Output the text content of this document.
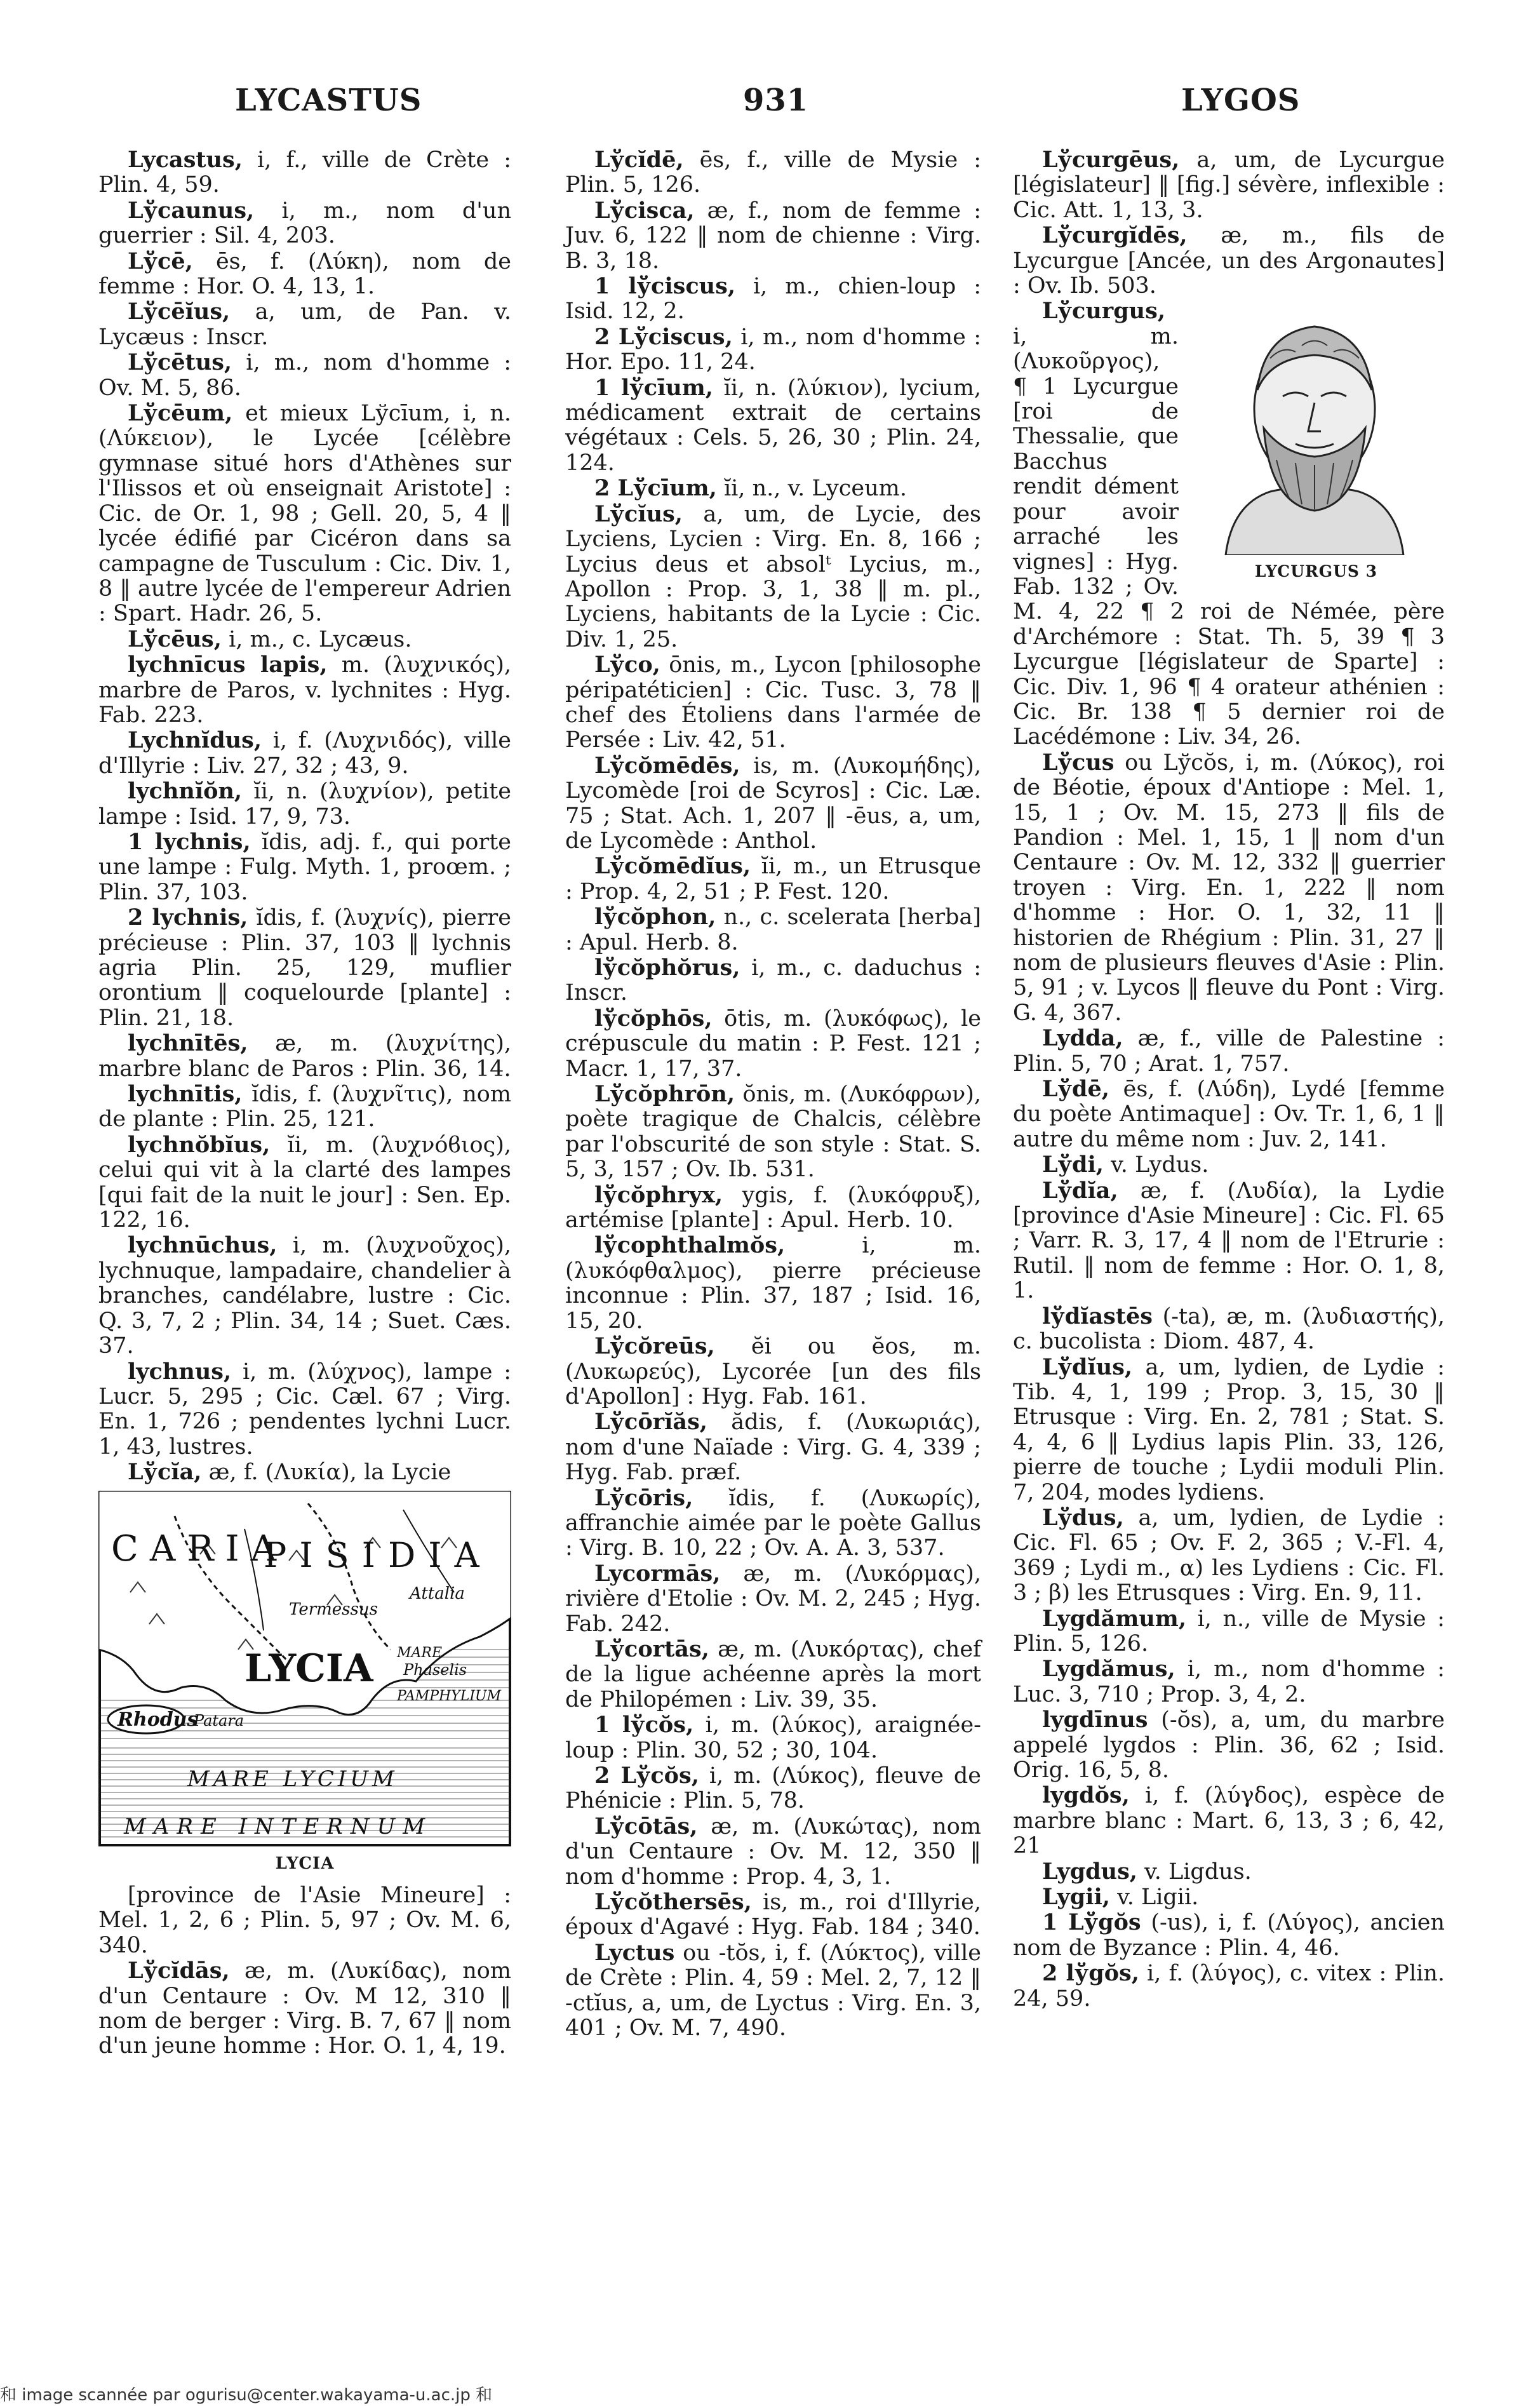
LYCASTUS	931	LYGOS

Lycastus, i, f., ville de Crète : Plin. 4, 59.

Lўcaunus, i, m., nom d'un guerrier : Sil. 4, 203.

Lўcē, ēs, f. (Λύκη), nom de femme : Hor. O. 4, 13, 1.

Lўcēĭus, a, um, de Pan. v. Lycæus : Inscr.

Lўcētus, i, m., nom d'homme : Ov. M. 5, 86.

Lўcēum, et mieux Lўcīum, i, n. (Λύκειον), le Lycée [célèbre gymnase situé hors d'Athènes sur l'Ilissos et où enseignait Aristote] : Cic. de Or. 1, 98 ; Gell. 20, 5, 4 ‖ lycée édifié par Cicéron dans sa campagne de Tusculum : Cic. Div. 1, 8 ‖ autre lycée de l'empereur Adrien : Spart. Hadr. 26, 5.

Lўcēus, i, m., c. Lycæus.

lychnīcus lapis, m. (λυχνικός), marbre de Paros, v. lychnites : Hyg. Fab. 223.

Lychnĭdus, i, f. (Λυχνιδός), ville d'Illyrie : Liv. 27, 32 ; 43, 9.

lychnĭŏn, ĭi, n. (λυχνίον), petite lampe : Isid. 17, 9, 73.

1 lychnis, ĭdis, adj. f., qui porte une lampe : Fulg. Myth. 1, proœm. ; Plin. 37, 103.

2 lychnis, ĭdis, f. (λυχνίς), pierre précieuse : Plin. 37, 103 ‖ lychnis agria Plin. 25, 129, muflier orontium ‖ coquelourde [plante] : Plin. 21, 18.

lychnītēs, æ, m. (λυχνίτης), marbre blanc de Paros : Plin. 36, 14.

lychnītis, ĭdis, f. (λυχνῖτις), nom de plante : Plin. 25, 121.

lychnŏbĭus, ĭi, m. (λυχνόϐιος), celui qui vit à la clarté des lampes [qui fait de la nuit le jour] : Sen. Ep. 122, 16.

lychnūchus, i, m. (λυχνοῦχος), lychnuque, lampadaire, chandelier à branches, candélabre, lustre : Cic. Q. 3, 7, 2 ; Plin. 34, 14 ; Suet. Cæs. 37.

lychnus, i, m. (λύχνος), lampe : Lucr. 5, 295 ; Cic. Cæl. 67 ; Virg. En. 1, 726 ; pendentes lychni Lucr. 1, 43, lustres.

Lўcĭa, æ, f. (Λυκία), la Lycie

CARIA
PISIDIA
LYCIA
MARE LYCIUM
MARE INTERNUM
Termessus
Attalia
Rhodus
Patara
Phaselis
PAMPHYLIUM
MARE
LYCIA

[province de l'Asie Mineure] : Mel. 1, 2, 6 ; Plin. 5, 97 ; Ov. M. 6, 340.

Lўcĭdās, æ, m. (Λυκίδας), nom d'un Centaure : Ov. M 12, 310 ‖ nom de berger : Virg. B. 7, 67 ‖ nom d'un jeune homme : Hor. O. 1, 4, 19.

Lўcĭdē, ēs, f., ville de Mysie : Plin. 5, 126.

Lўcisca, æ, f., nom de femme : Juv. 6, 122 ‖ nom de chienne : Virg. B. 3, 18.

1 lўciscus, i, m., chien-loup : Isid. 12, 2.

2 Lўciscus, i, m., nom d'homme : Hor. Epo. 11, 24.

1 lўcīum, ĭi, n. (λύκιον), lycium, médicament extrait de certains végétaux : Cels. 5, 26, 30 ; Plin. 24, 124.

2 Lўcīum, ĭi, n., v. Lyceum.

Lўcĭus, a, um, de Lycie, des Lyciens, Lycien : Virg. En. 8, 166 ; Lycius deus et absolᵗ Lycius, m., Apollon : Prop. 3, 1, 38 ‖ m. pl., Lyciens, habitants de la Lycie : Cic. Div. 1, 25.

Lўco, ōnis, m., Lycon [philosophe péripatéticien] : Cic. Tusc. 3, 78 ‖ chef des Étoliens dans l'armée de Persée : Liv. 42, 51.

Lўcŏmēdēs, is, m. (Λυκομήδης), Lycomède [roi de Scyros] : Cic. Læ. 75 ; Stat. Ach. 1, 207 ‖ -ēus, a, um, de Lycomède : Anthol.

Lўcŏmēdĭus, ĭi, m., un Etrusque : Prop. 4, 2, 51 ; P. Fest. 120.

lўcŏphon, n., c. scelerata [herba] : Apul. Herb. 8.

lўcŏphŏrus, i, m., c. daduchus : Inscr.

lўcŏphōs, ōtis, m. (λυκόφως), le crépuscule du matin : P. Fest. 121 ; Macr. 1, 17, 37.

Lўcŏphrōn, ŏnis, m. (Λυκόφρων), poète tragique de Chalcis, célèbre par l'obscurité de son style : Stat. S. 5, 3, 157 ; Ov. Ib. 531.

lўcŏphryx, ygis, f. (λυκόφρυξ), artémise [plante] : Apul. Herb. 10.

lўcophthalmŏs, i, m. (λυκόφθαλμος), pierre précieuse inconnue : Plin. 37, 187 ; Isid. 16, 15, 20.

Lўcŏreūs, ĕi ou ĕos, m. (Λυκωρεύς), Lycorée [un des fils d'Apollon] : Hyg. Fab. 161.

Lўcōrĭăs, ădis, f. (Λυκωριάς), nom d'une Naïade : Virg. G. 4, 339 ; Hyg. Fab. præf.

Lўcōris, ĭdis, f. (Λυκωρίς), affranchie aimée par le poète Gallus : Virg. B. 10, 22 ; Ov. A. A. 3, 537.

Lycormās, æ, m. (Λυκόρμας), rivière d'Etolie : Ov. M. 2, 245 ; Hyg. Fab. 242.

Lўcortās, æ, m. (Λυκόρτας), chef de la ligue achéenne après la mort de Philopémen : Liv. 39, 35.

1 lўcŏs, i, m. (λύκος), araignée-loup : Plin. 30, 52 ; 30, 104.

2 Lўcŏs, i, m. (Λύκος), fleuve de Phénicie : Plin. 5, 78.

Lўcōtās, æ, m. (Λυκώτας), nom d'un Centaure : Ov. M. 12, 350 ‖ nom d'homme : Prop. 4, 3, 1.

Lўcŏthersēs, is, m., roi d'Illyrie, époux d'Agavé : Hyg. Fab. 184 ; 340.

Lyctus ou -tŏs, i, f. (Λύκτος), ville de Crète : Plin. 4, 59 : Mel. 2, 7, 12 ‖ -ctĭus, a, um, de Lyctus : Virg. En. 3, 401 ; Ov. M. 7, 490.

Lўcurgēus, a, um, de Lycurgue [législateur] ‖ [fig.] sévère, inflexible : Cic. Att. 1, 13, 3.

Lўcurgĭdēs, æ, m., fils de Lycurgue [Ancée, un des Argonautes] : Ov. Ib. 503.

LYCURGUS 3

Lўcurgus, i, m. (Λυκοῦργος), ¶ 1 Lycurgue [roi de Thessalie, que Bacchus rendit dément pour avoir arraché les vignes] : Hyg. Fab. 132 ; Ov. M. 4, 22 ¶ 2 roi de Némée, père d'Archémore : Stat. Th. 5, 39 ¶ 3 Lycurgue [législateur de Sparte] : Cic. Div. 1, 96 ¶ 4 orateur athénien : Cic. Br. 138 ¶ 5 dernier roi de Lacédémone : Liv. 34, 26.

Lўcus ou Lўcŏs, i, m. (Λύκος), roi de Béotie, époux d'Antiope : Mel. 1, 15, 1 ; Ov. M. 15, 273 ‖ fils de Pandion : Mel. 1, 15, 1 ‖ nom d'un Centaure : Ov. M. 12, 332 ‖ guerrier troyen : Virg. En. 1, 222 ‖ nom d'homme : Hor. O. 1, 32, 11 ‖ historien de Rhégium : Plin. 31, 27 ‖ nom de plusieurs fleuves d'Asie : Plin. 5, 91 ; v. Lycos ‖ fleuve du Pont : Virg. G. 4, 367.

Lydda, æ, f., ville de Palestine : Plin. 5, 70 ; Arat. 1, 757.

Lўdē, ēs, f. (Λύδη), Lydé [femme du poète Antimaque] : Ov. Tr. 1, 6, 1 ‖ autre du même nom : Juv. 2, 141.

Lўdi, v. Lydus.

Lўdĭa, æ, f. (Λυδία), la Lydie [province d'Asie Mineure] : Cic. Fl. 65 ; Varr. R. 3, 17, 4 ‖ nom de l'Etrurie : Rutil. ‖ nom de femme : Hor. O. 1, 8, 1.

lўdĭastēs (-ta), æ, m. (λυδιαστής), c. bucolista : Diom. 487, 4.

Lўdĭus, a, um, lydien, de Lydie : Tib. 4, 1, 199 ; Prop. 3, 15, 30 ‖ Etrusque : Virg. En. 2, 781 ; Stat. S. 4, 4, 6 ‖ Lydius lapis Plin. 33, 126, pierre de touche ; Lydii moduli Plin. 7, 204, modes lydiens.

Lўdus, a, um, lydien, de Lydie : Cic. Fl. 65 ; Ov. F. 2, 365 ; V.-Fl. 4, 369 ; Lydi m., α) les Lydiens : Cic. Fl. 3 ; β) les Etrusques : Virg. En. 9, 11.

Lygdămum, i, n., ville de Mysie : Plin. 5, 126.

Lygdămus, i, m., nom d'homme : Luc. 3, 710 ; Prop. 3, 4, 2.

lygdīnus (-ŏs), a, um, du marbre appelé lygdos : Plin. 36, 62 ; Isid. Orig. 16, 5, 8.

lygdŏs, i, f. (λύγδος), espèce de marbre blanc : Mart. 6, 13, 3 ; 6, 42, 21

Lygdus, v. Ligdus.

Lygii, v. Ligii.

1 Lўgŏs (-us), i, f. (Λύγος), ancien nom de Byzance : Plin. 4, 46.

2 lўgŏs, i, f. (λύγος), c. vitex : Plin. 24, 59.

和 image scannée par ogurisu@center.wakayama-u.ac.jp 和
